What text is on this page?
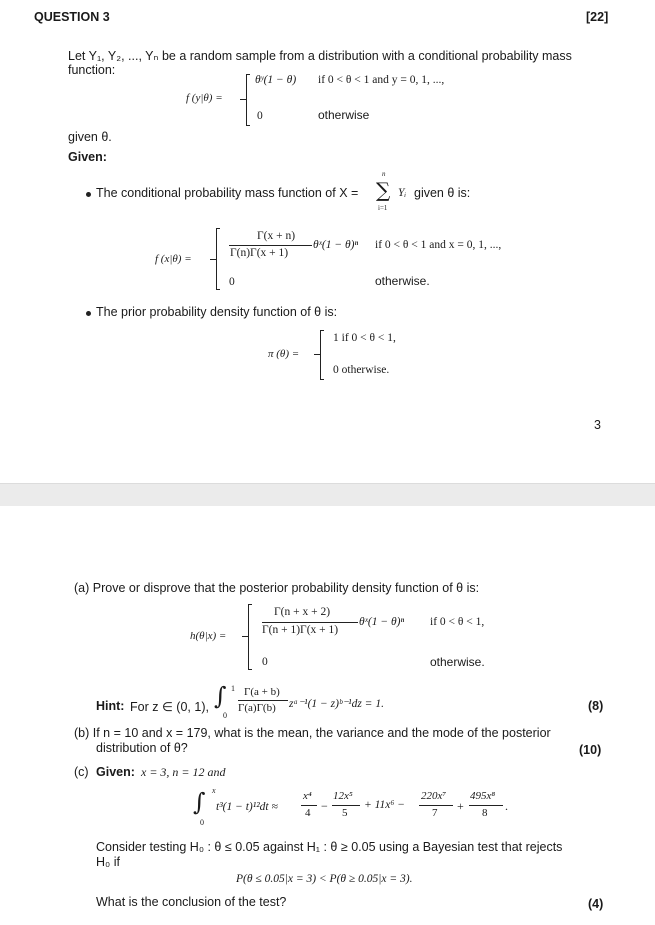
QUESTION 3	[22]
Let Y₁, Y₂, ..., Yₙ be a random sample from a distribution with a conditional probability mass
function:
f (y|θ) =
θʸ(1 − θ) if 0 < θ < 1 and y = 0, 1, ...,
0	otherwise
given θ.
Given:
The conditional probability mass function of X =
n
∑
i=1
Yᵢ given θ is:
f (x|θ) =
Γ(x + n)
Γ(n)Γ(x + 1)
θˣ(1 − θ)ⁿ if 0 < θ < 1 and x = 0, 1, ...,
0	otherwise.
The prior probability density function of θ is:
π (θ) =
1 if 0 < θ < 1,
0 otherwise.
3
(a) Prove or disprove that the posterior probability density function of θ is:
h(θ|x) =
Γ(n + x + 2)
Γ(n + 1)Γ(x + 1)
θˣ(1 − θ)ⁿ if 0 < θ < 1,
0	otherwise.
Hint: For z ∈ (0, 1),
1
∫
0
Γ(a + b)
Γ(a)Γ(b) zᵃ⁻¹(1 − z)ᵇ⁻¹dz = 1.	(8)
(b) If n = 10 and x = 179, what is the mean, the variance and the mode of the posterior
distribution of θ?	(10)
(c) Given: x = 3, n = 12 and
x
∫
0
t³(1 − t)¹²dt ≈
x⁴
4 −
12x⁵
5
+ 11x⁶ −
220x⁷
7 +
495x⁸
8 .
Consider testing H₀ : θ ≤ 0.05 against H₁ : θ ≥ 0.05 using a Bayesian test that rejects
H₀ if
P(θ ≤ 0.05|x = 3) < P(θ ≥ 0.05|x = 3).
What is the conclusion of the test?	(4)
